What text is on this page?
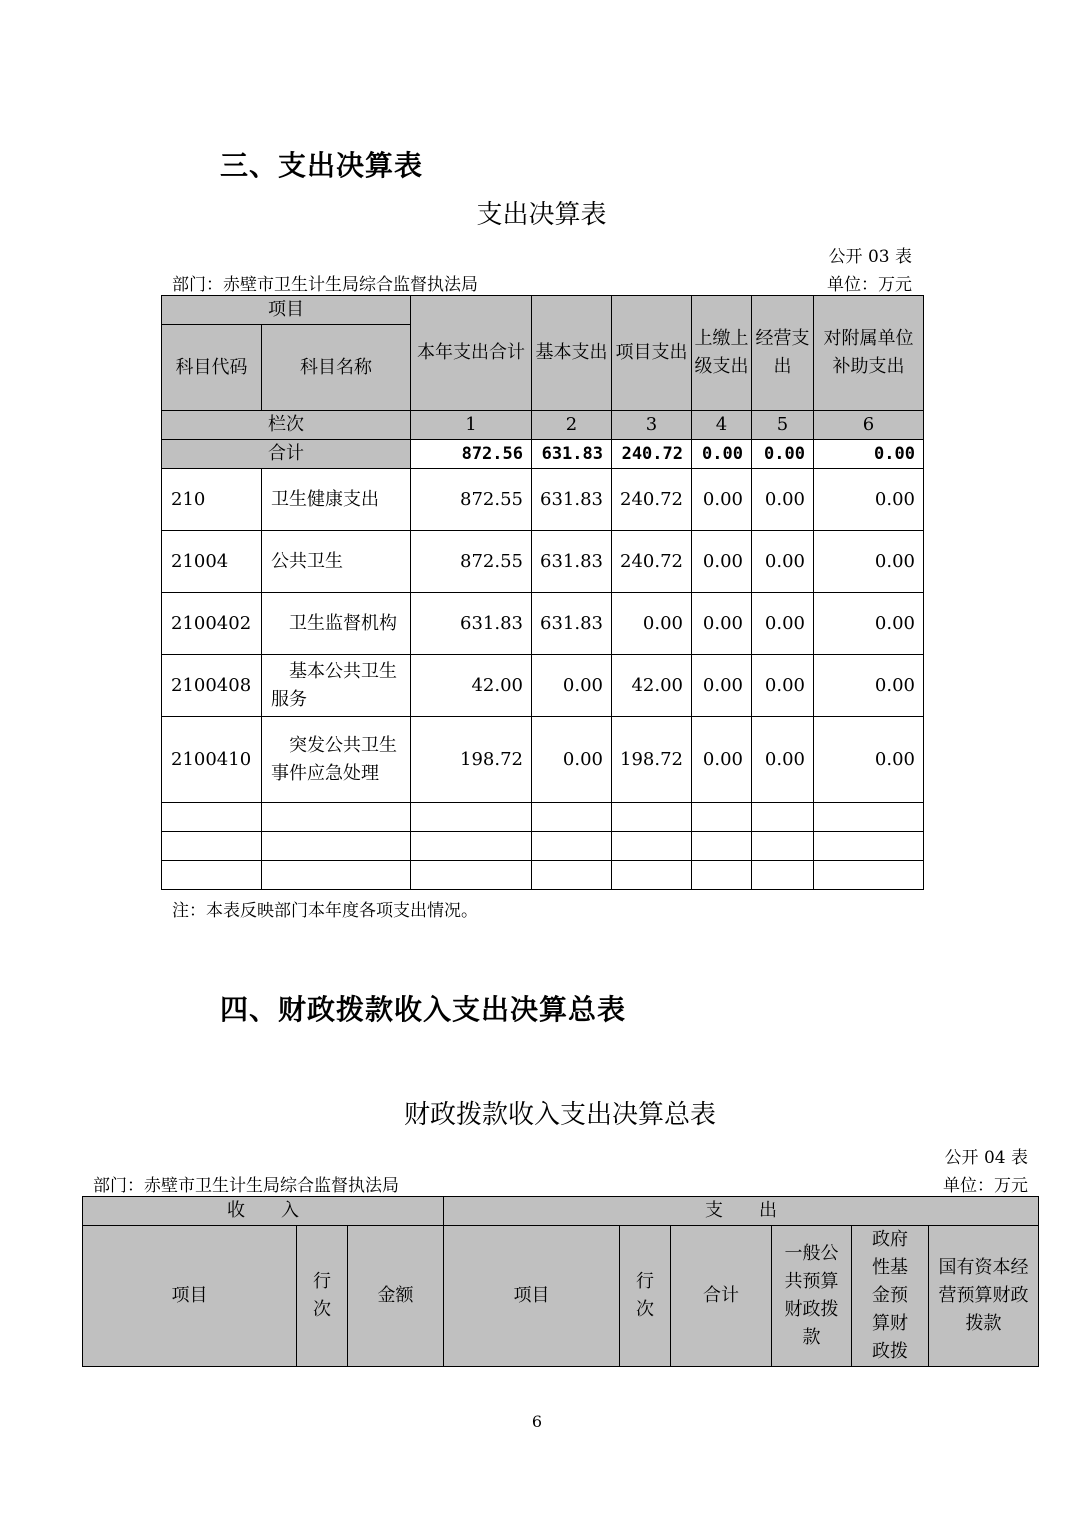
三、支出决算表
支出决算表
公开 03 表
部门：赤壁市卫生计生局综合监督执法局	单位：万元
项目		本年支出合计	基本支出	项目支出	上缴上级支出	经营支出	对附属单位补助支出
科目代码	科目名称						
栏次		1	2	3	4	5	6
合计		872.56	631.83	240.72	0.00	0.00	0.00
210	卫生健康支出	872.55	631.83	240.72	0.00	0.00	0.00
21004	公共卫生	872.55	631.83	240.72	0.00	0.00	0.00
2100402	卫生监督机构	631.83	631.83	0.00	0.00	0.00	0.00
2100408	基本公共卫生服务	42.00	0.00	42.00	0.00	0.00	0.00
2100410	突发公共卫生事件应急处理	198.72	0.00	198.72	0.00	0.00	0.00

注：本表反映部门本年度各项支出情况。
四、财政拨款收入支出决算总表
财政拨款收入支出决算总表
公开 04 表
部门：赤壁市卫生计生局综合监督执法局	单位：万元
收　　入			支　　出					
项目	行次	金额	项目	行次	合计	一般公共预算财政拨款	政府性基金预算财政拨	国有资本经营预算财政拨款
6
